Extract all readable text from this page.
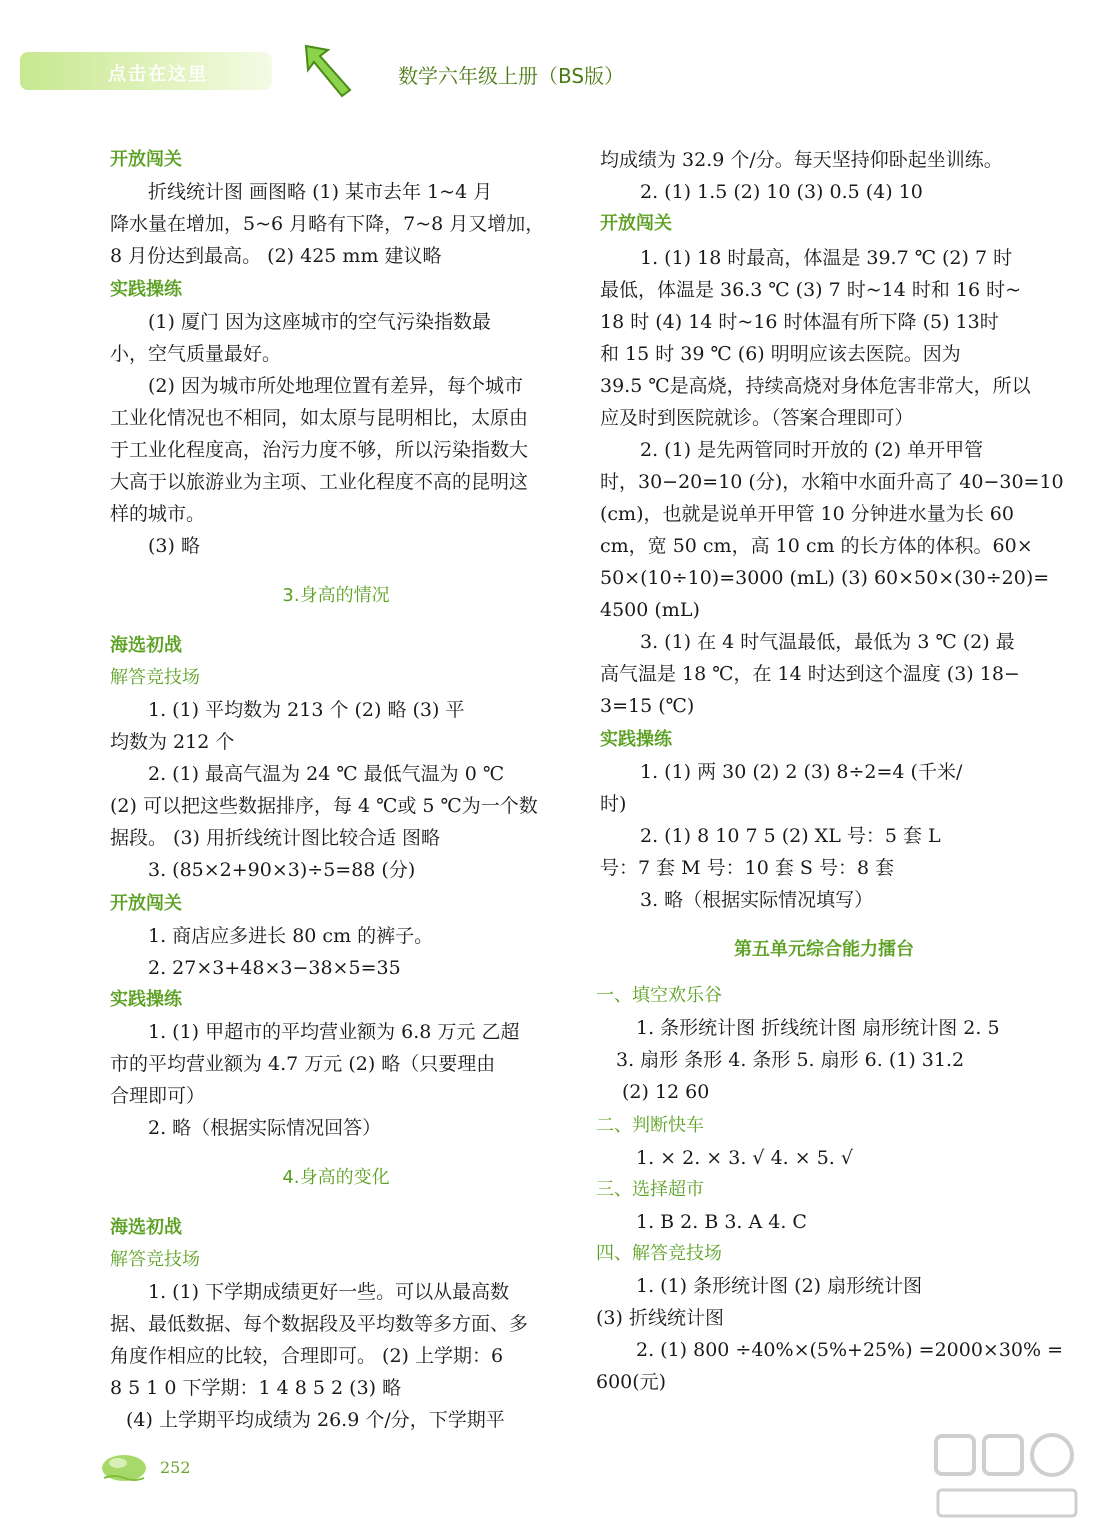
点击在这里	数学六年级上册（BS版）
开放闯关
折线统计图 画图略 (1) 某市去年 1~4 月
降水量在增加，5~6 月略有下降，7~8 月又增加，
8 月份达到最高。 (2) 425 mm 建议略
实践操练
(1) 厦门 因为这座城市的空气污染指数最
小，空气质量最好。
(2) 因为城市所处地理位置有差异，每个城市
工业化情况也不相同，如太原与昆明相比，太原由
于工业化程度高，治污力度不够，所以污染指数大
大高于以旅游业为主项、工业化程度不高的昆明这
样的城市。
(3) 略
3.身高的情况
海选初战
解答竞技场
1. (1) 平均数为 213 个 (2) 略 (3) 平
均数为 212 个
2. (1) 最高气温为 24 ℃ 最低气温为 0 ℃
(2) 可以把这些数据排序，每 4 ℃或 5 ℃为一个数
据段。 (3) 用折线统计图比较合适 图略
3. (85×2+90×3)÷5=88 (分)
开放闯关
1. 商店应多进长 80 cm 的裤子。
2. 27×3+48×3−38×5=35
实践操练
1. (1) 甲超市的平均营业额为 6.8 万元 乙超
市的平均营业额为 4.7 万元 (2) 略（只要理由
合理即可）
2. 略（根据实际情况回答）
4.身高的变化
海选初战
解答竞技场
1. (1) 下学期成绩更好一些。可以从最高数
据、最低数据、每个数据段及平均数等多方面、多
角度作相应的比较，合理即可。 (2) 上学期：6
8 5 1 0 下学期：1 4 8 5 2 (3) 略
(4) 上学期平均成绩为 26.9 个/分，下学期平
均成绩为 32.9 个/分。每天坚持仰卧起坐训练。
2. (1) 1.5 (2) 10 (3) 0.5 (4) 10
开放闯关
1. (1) 18 时最高，体温是 39.7 ℃ (2) 7 时
最低，体温是 36.3 ℃ (3) 7 时~14 时和 16 时~
18 时 (4) 14 时~16 时体温有所下降 (5) 13时
和 15 时 39 ℃ (6) 明明应该去医院。因为
39.5 ℃是高烧，持续高烧对身体危害非常大，所以
应及时到医院就诊。（答案合理即可）
2. (1) 是先两管同时开放的 (2) 单开甲管
时，30−20=10 (分)，水箱中水面升高了 40−30=10
(cm)，也就是说单开甲管 10 分钟进水量为长 60
cm，宽 50 cm，高 10 cm 的长方体的体积。60×
50×(10÷10)=3000 (mL) (3) 60×50×(30÷20)=
4500 (mL)
3. (1) 在 4 时气温最低，最低为 3 ℃ (2) 最
高气温是 18 ℃，在 14 时达到这个温度 (3) 18−
3=15 (℃)
实践操练
1. (1) 两 30 (2) 2 (3) 8÷2=4 (千米/
时)
2. (1) 8 10 7 5 (2) XL 号：5 套 L
号：7 套 M 号：10 套 S 号：8 套
3. 略（根据实际情况填写）
第五单元综合能力擂台
一、填空欢乐谷
1. 条形统计图 折线统计图 扇形统计图 2. 5
3. 扇形 条形 4. 条形 5. 扇形 6. (1) 31.2
(2) 12 60
二、判断快车
1. × 2. × 3. √ 4. × 5. √
三、选择超市
1. B 2. B 3. A 4. C
四、解答竞技场
1. (1) 条形统计图 (2) 扇形统计图
(3) 折线统计图
2. (1) 800 ÷40%×(5%+25%) =2000×30% =
600(元)
252
